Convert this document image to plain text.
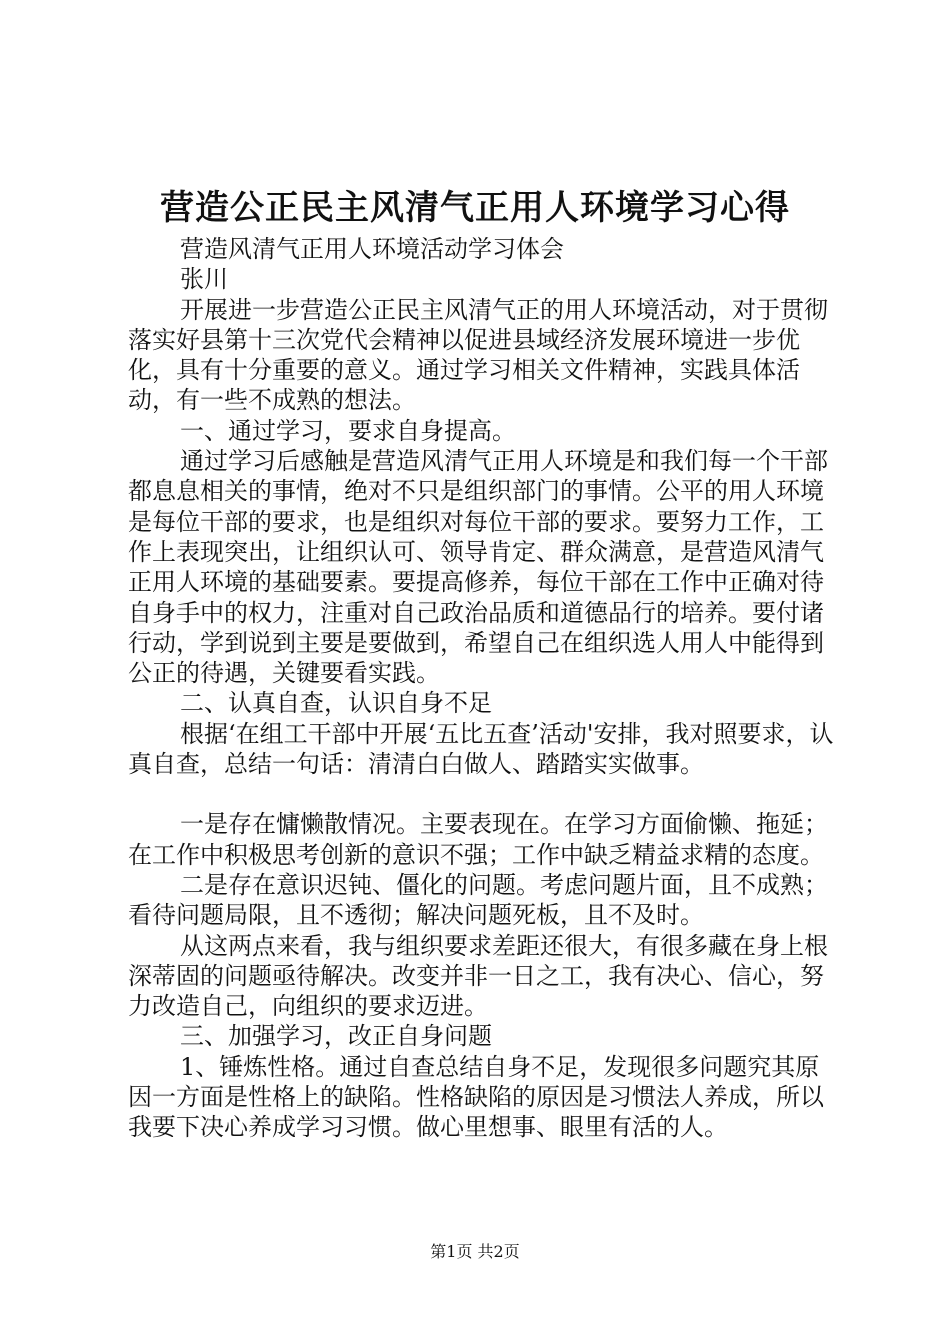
营造公正民主风清气正用人环境学习心得

营造风清气正用人环境活动学习体会

张川

开展进一步营造公正民主风清气正的用人环境活动，对于贯彻落实好县第十三次党代会精神以促进县域经济发展环境进一步优化，具有十分重要的意义。通过学习相关文件精神，实践具体活动，有一些不成熟的想法。

一、通过学习，要求自身提高。

通过学习后感触是营造风清气正用人环境是和我们每一个干部都息息相关的事情，绝对不只是组织部门的事情。公平的用人环境是每位干部的要求，也是组织对每位干部的要求。要努力工作，工作上表现突出，让组织认可、领导肯定、群众满意，是营造风清气正用人环境的基础要素。要提高修养，每位干部在工作中正确对待自身手中的权力，注重对自己政治品质和道德品行的培养。要付诸行动，学到说到主要是要做到，希望自己在组织选人用人中能得到公正的待遇，关键要看实践。

二、认真自查，认识自身不足

根据‘在组工干部中开展‘五比五查’活动'安排，我对照要求，认真自查，总结一句话：清清白白做人、踏踏实实做事。

一是存在慵懒散情况。主要表现在。在学习方面偷懒、拖延；在工作中积极思考创新的意识不强；工作中缺乏精益求精的态度。

二是存在意识迟钝、僵化的问题。考虑问题片面，且不成熟；看待问题局限，且不透彻；解决问题死板，且不及时。

从这两点来看，我与组织要求差距还很大，有很多藏在身上根深蒂固的问题亟待解决。改变并非一日之工，我有决心、信心，努力改造自己，向组织的要求迈进。

三、加强学习，改正自身问题

1、锤炼性格。通过自查总结自身不足，发现很多问题究其原因一方面是性格上的缺陷。性格缺陷的原因是习惯法人养成，所以我要下决心养成学习习惯。做心里想事、眼里有活的人。

第1页 共2页
